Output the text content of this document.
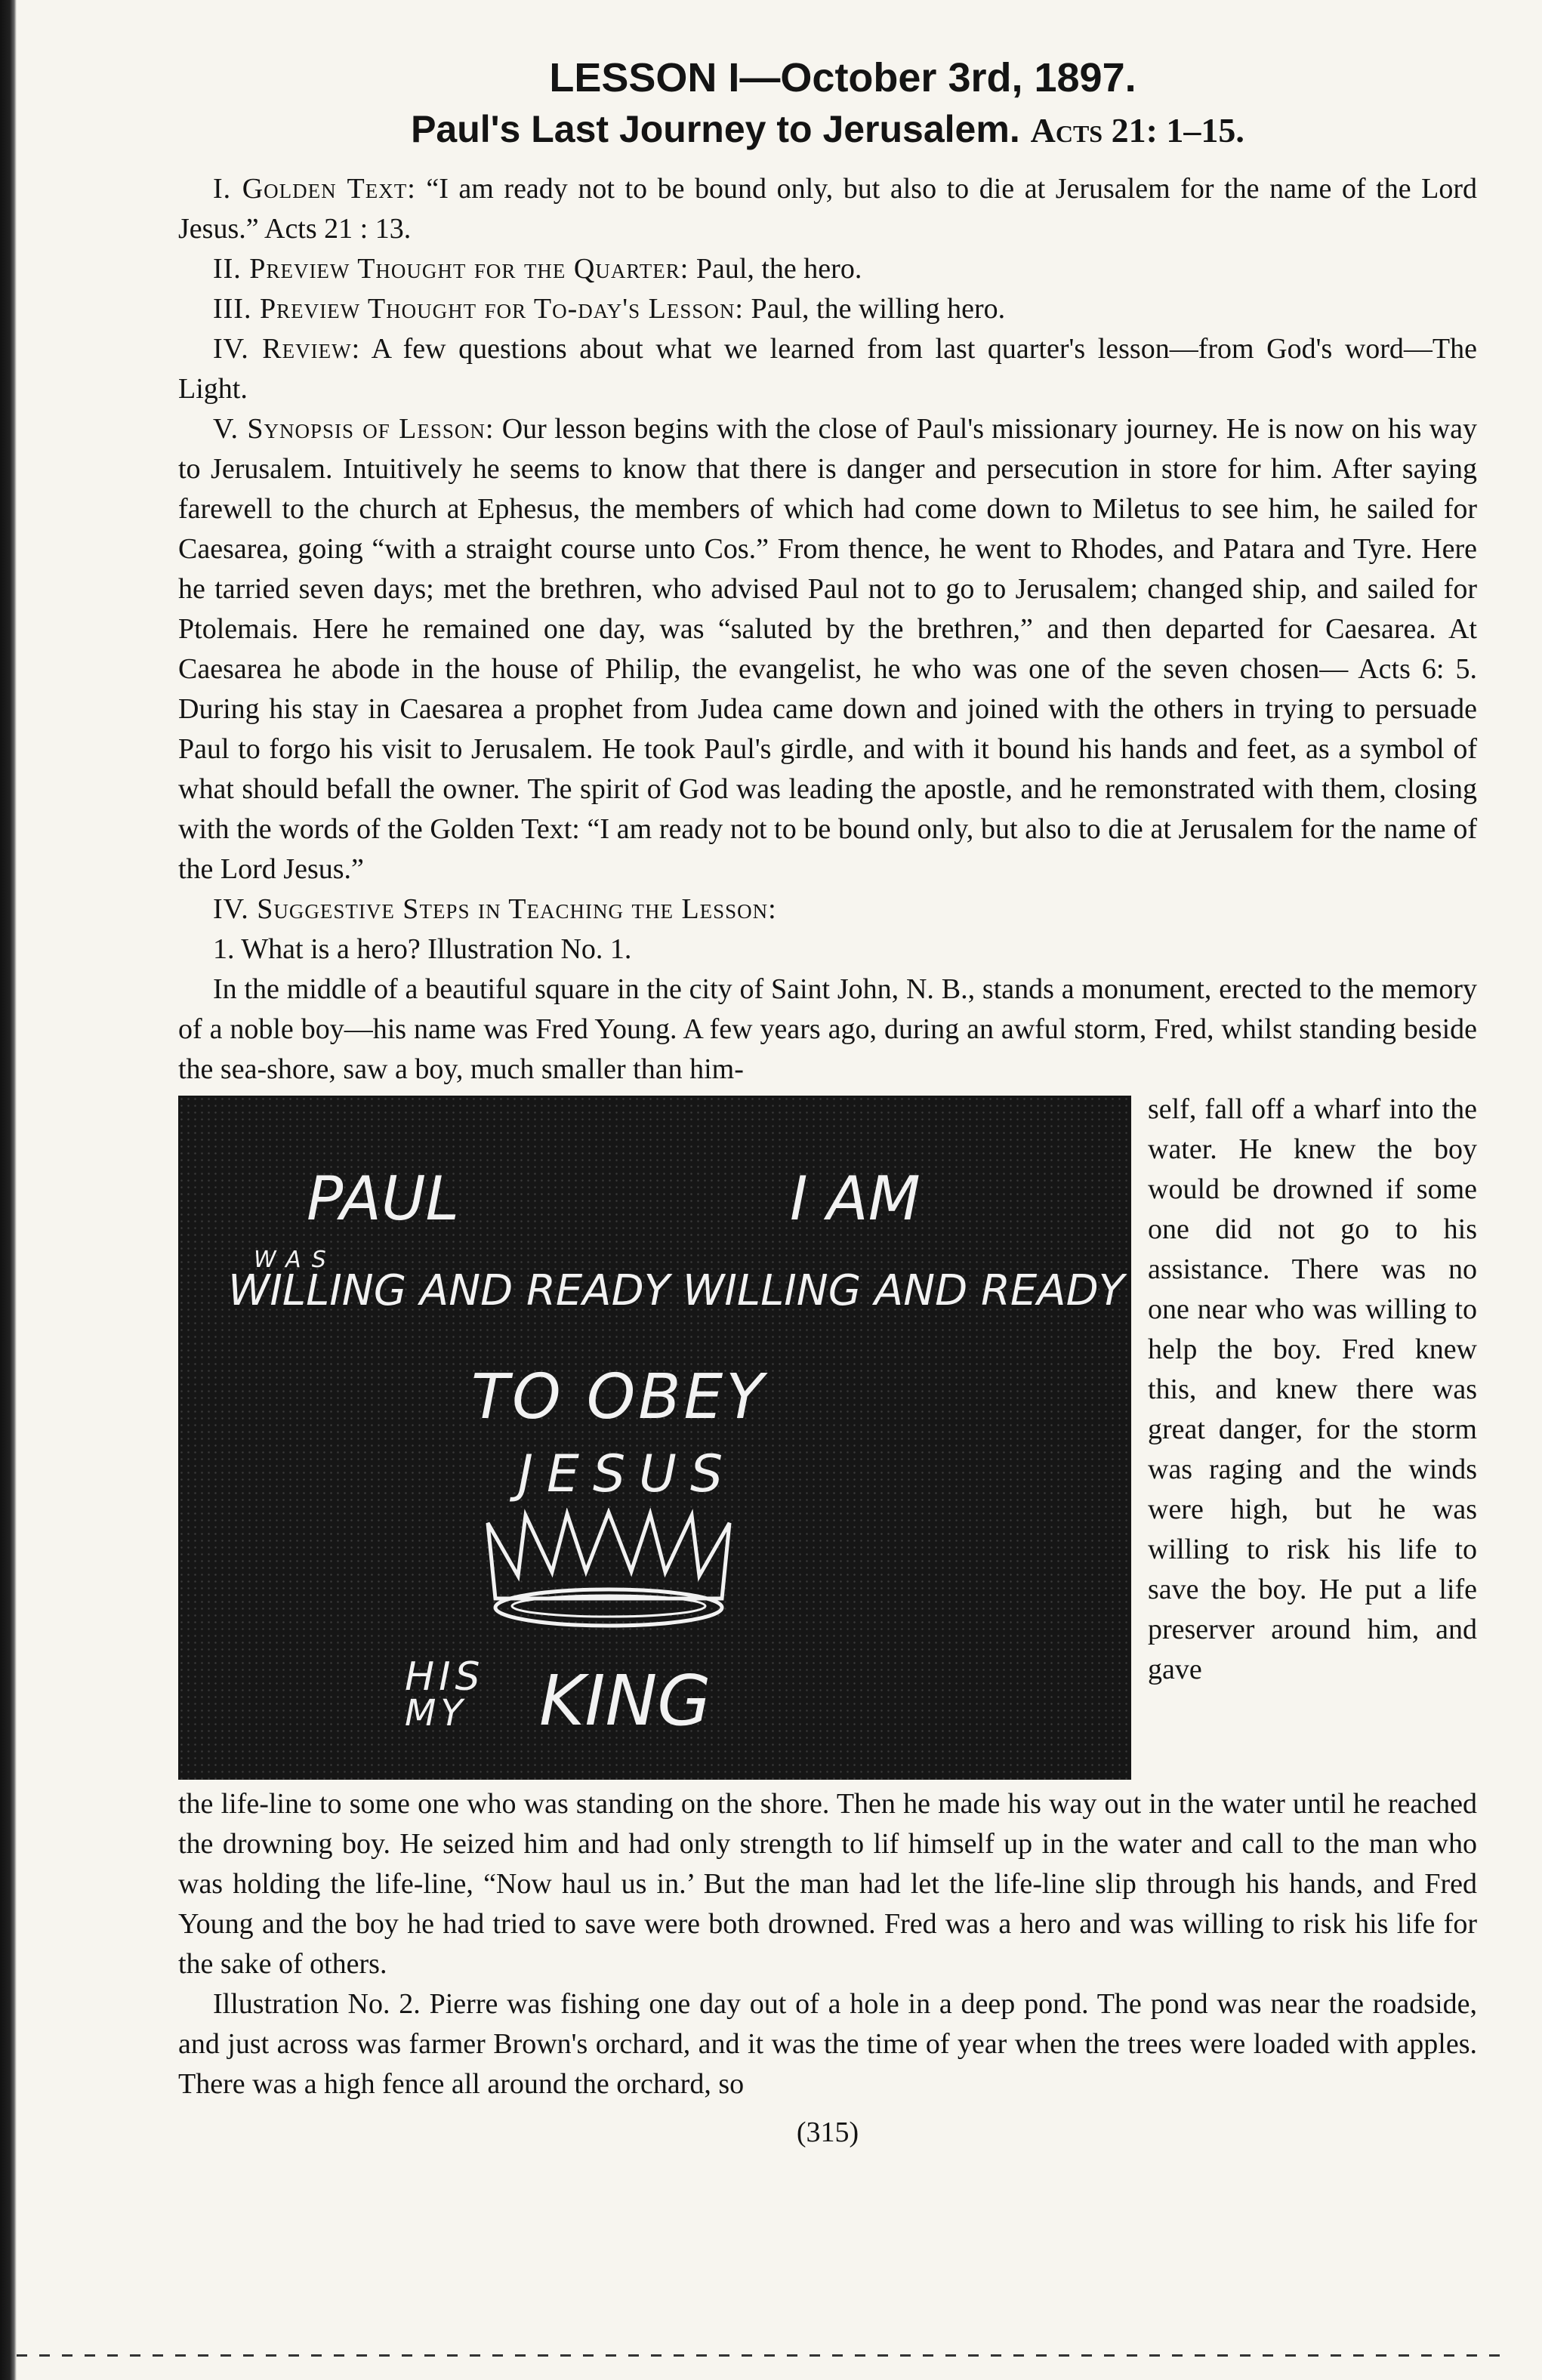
LESSON I—October 3rd, 1897.
Paul's Last Journey to Jerusalem. Acts 21: 1–15.

I. Golden Text: “I am ready not to be bound only, but also to die at Jerusalem for the name of the Lord Jesus.” Acts 21 : 13.

II. Preview Thought for the Quarter: Paul, the hero.

III. Preview Thought for To-day's Lesson: Paul, the willing hero.

IV. Review: A few questions about what we learned from last quarter's lesson—from God's word—The Light.

V. Synopsis of Lesson: Our lesson begins with the close of Paul's missionary journey. He is now on his way to Jerusalem. Intuitively he seems to know that there is danger and persecution in store for him. After saying farewell to the church at Ephesus, the members of which had come down to Miletus to see him, he sailed for Caesarea, going “with a straight course unto Cos.” From thence, he went to Rhodes, and Patara and Tyre. Here he tarried seven days; met the brethren, who advised Paul not to go to Jerusalem; changed ship, and sailed for Ptolemais. Here he remained one day, was “saluted by the brethren,” and then departed for Caesarea. At Caesarea he abode in the house of Philip, the evangelist, he who was one of the seven chosen— Acts 6: 5. During his stay in Caesarea a prophet from Judea came down and joined with the others in trying to persuade Paul to forgo his visit to Jerusalem. He took Paul's girdle, and with it bound his hands and feet, as a symbol of what should befall the owner. The spirit of God was leading the apostle, and he remonstrated with them, closing with the words of the Golden Text: “I am ready not to be bound only, but also to die at Jerusalem for the name of the Lord Jesus.”

IV. Suggestive Steps in Teaching the Lesson:

1. What is a hero? Illustration No. 1.

In the middle of a beautiful square in the city of Saint John, N. B., stands a monument, erected to the memory of a noble boy—his name was Fred Young. A few years ago, during an awful storm, Fred, whilst standing beside the sea-shore, saw a boy, much smaller than him-

PAUL	I AM
WAS
WILLING AND READY WILLING AND READY
TO OBEY
JESUS
HIS
MY KING

self, fall off a wharf into the water. He knew the boy would be drowned if some one did not go to his assistance. There was no one near who was willing to help the boy. Fred knew this, and knew there was great danger, for the storm was raging and the winds were high, but he was willing to risk his life to save the boy. He put a life preserver around him, and gave

the life-line to some one who was standing on the shore. Then he made his way out in the water until he reached the drowning boy. He seized him and had only strength to lif himself up in the water and call to the man who was holding the life-line, “Now haul us in.’ But the man had let the life-line slip through his hands, and Fred Young and the boy he had tried to save were both drowned. Fred was a hero and was willing to risk his life for the sake of others.

Illustration No. 2. Pierre was fishing one day out of a hole in a deep pond. The pond was near the roadside, and just across was farmer Brown's orchard, and it was the time of year when the trees were loaded with apples. There was a high fence all around the orchard, so

(315)
